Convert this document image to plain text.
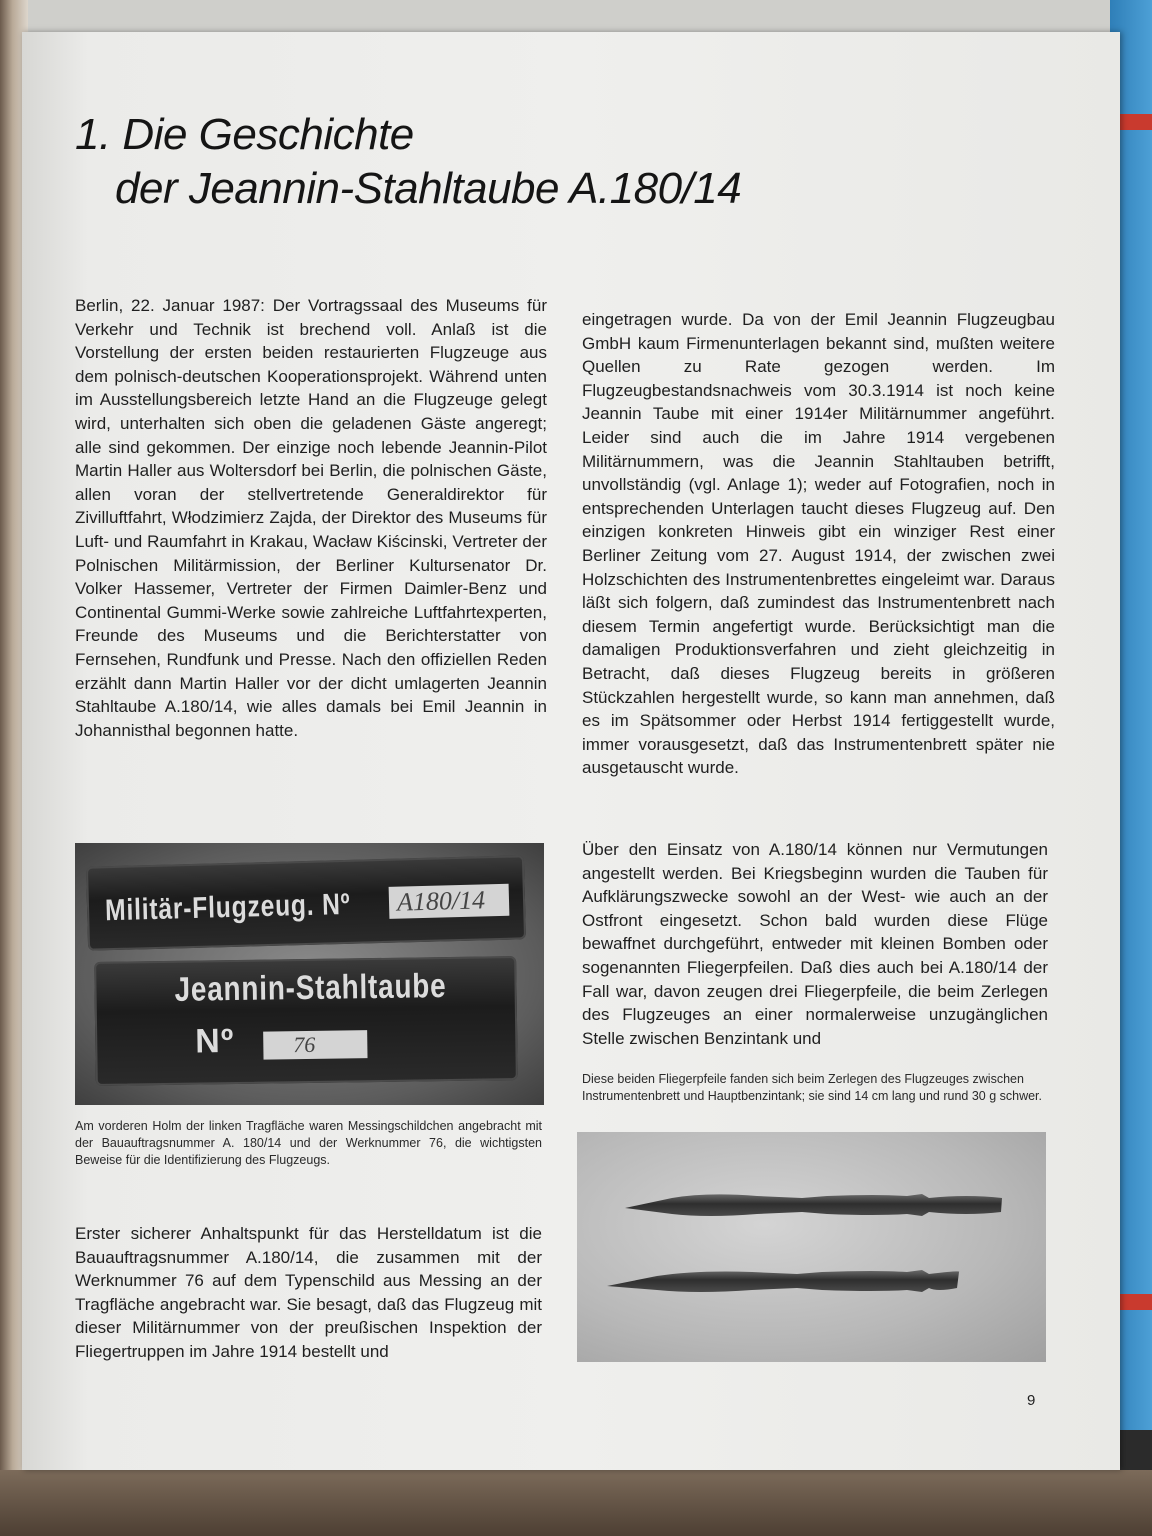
1. Die Geschichte
der Jeannin-Stahltaube A.180/14

Berlin, 22. Januar 1987: Der Vortragssaal des Museums für Verkehr und Technik ist brechend voll. Anlaß ist die Vorstellung der ersten beiden restaurierten Flugzeuge aus dem polnisch-deutschen Kooperationsprojekt. Während unten im Ausstellungsbereich letzte Hand an die Flugzeuge gelegt wird, unterhalten sich oben die geladenen Gäste angeregt; alle sind gekommen. Der einzige noch lebende Jeannin-Pilot Martin Haller aus Woltersdorf bei Berlin, die polnischen Gäste, allen voran der stellvertretende Generaldirektor für Zivilluftfahrt, Włodzimierz Zajda, der Direktor des Museums für Luft- und Raumfahrt in Krakau, Wacław Kiścinski, Vertreter der Polnischen Militärmission, der Berliner Kultursenator Dr. Volker Hassemer, Vertreter der Firmen Daimler-Benz und Continental Gummi-Werke sowie zahlreiche Luftfahrtexperten, Freunde des Museums und die Berichterstatter von Fernsehen, Rundfunk und Presse. Nach den offiziellen Reden erzählt dann Martin Haller vor der dicht umlagerten Jeannin Stahltaube A.180/14, wie alles damals bei Emil Jeannin in Johannisthal begonnen hatte.

Militär-Flugzeug. Nº	A180/14
Jeannin-Stahltaube
Nº	76
Am vorderen Holm der linken Tragfläche waren Messingschildchen angebracht mit der Bauauftragsnummer A. 180/14 und der Werknummer 76, die wichtigsten Beweise für die Identifizierung des Flugzeugs.

Erster sicherer Anhaltspunkt für das Herstelldatum ist die Bauauftragsnummer A.180/14, die zusammen mit der Werknummer 76 auf dem Typenschild aus Messing an der Tragfläche angebracht war. Sie besagt, daß das Flugzeug mit dieser Militärnummer von der preußischen Inspektion der Fliegertruppen im Jahre 1914 bestellt und

eingetragen wurde. Da von der Emil Jeannin Flugzeugbau GmbH kaum Firmenunterlagen bekannt sind, mußten weitere Quellen zu Rate gezogen werden. Im Flugzeugbestandsnachweis vom 30.3.1914 ist noch keine Jeannin Taube mit einer 1914er Militärnummer angeführt. Leider sind auch die im Jahre 1914 vergebenen Militärnummern, was die Jeannin Stahltauben betrifft, unvollständig (vgl. Anlage 1); weder auf Fotografien, noch in entsprechenden Unterlagen taucht dieses Flugzeug auf. Den einzigen konkreten Hinweis gibt ein winziger Rest einer Berliner Zeitung vom 27. August 1914, der zwischen zwei Holzschichten des Instrumentenbrettes eingeleimt war. Daraus läßt sich folgern, daß zumindest das Instrumentenbrett nach diesem Termin angefertigt wurde. Berücksichtigt man die damaligen Produktionsverfahren und zieht gleichzeitig in Betracht, daß dieses Flugzeug bereits in größeren Stückzahlen hergestellt wurde, so kann man annehmen, daß es im Spätsommer oder Herbst 1914 fertiggestellt wurde, immer vorausgesetzt, daß das Instrumentenbrett später nie ausgetauscht wurde.

Über den Einsatz von A.180/14 können nur Vermutungen angestellt werden. Bei Kriegsbeginn wurden die Tauben für Aufklärungszwecke sowohl an der West- wie auch an der Ostfront eingesetzt. Schon bald wurden diese Flüge bewaffnet durchgeführt, entweder mit kleinen Bomben oder sogenannten Fliegerpfeilen. Daß dies auch bei A.180/14 der Fall war, davon zeugen drei Fliegerpfeile, die beim Zerlegen des Flugzeuges an einer normalerweise unzugänglichen Stelle zwischen Benzintank und

Diese beiden Fliegerpfeile fanden sich beim Zerlegen des Flugzeuges zwischen Instrumentenbrett und Hauptbenzintank; sie sind 14 cm lang und rund 30 g schwer.
9
